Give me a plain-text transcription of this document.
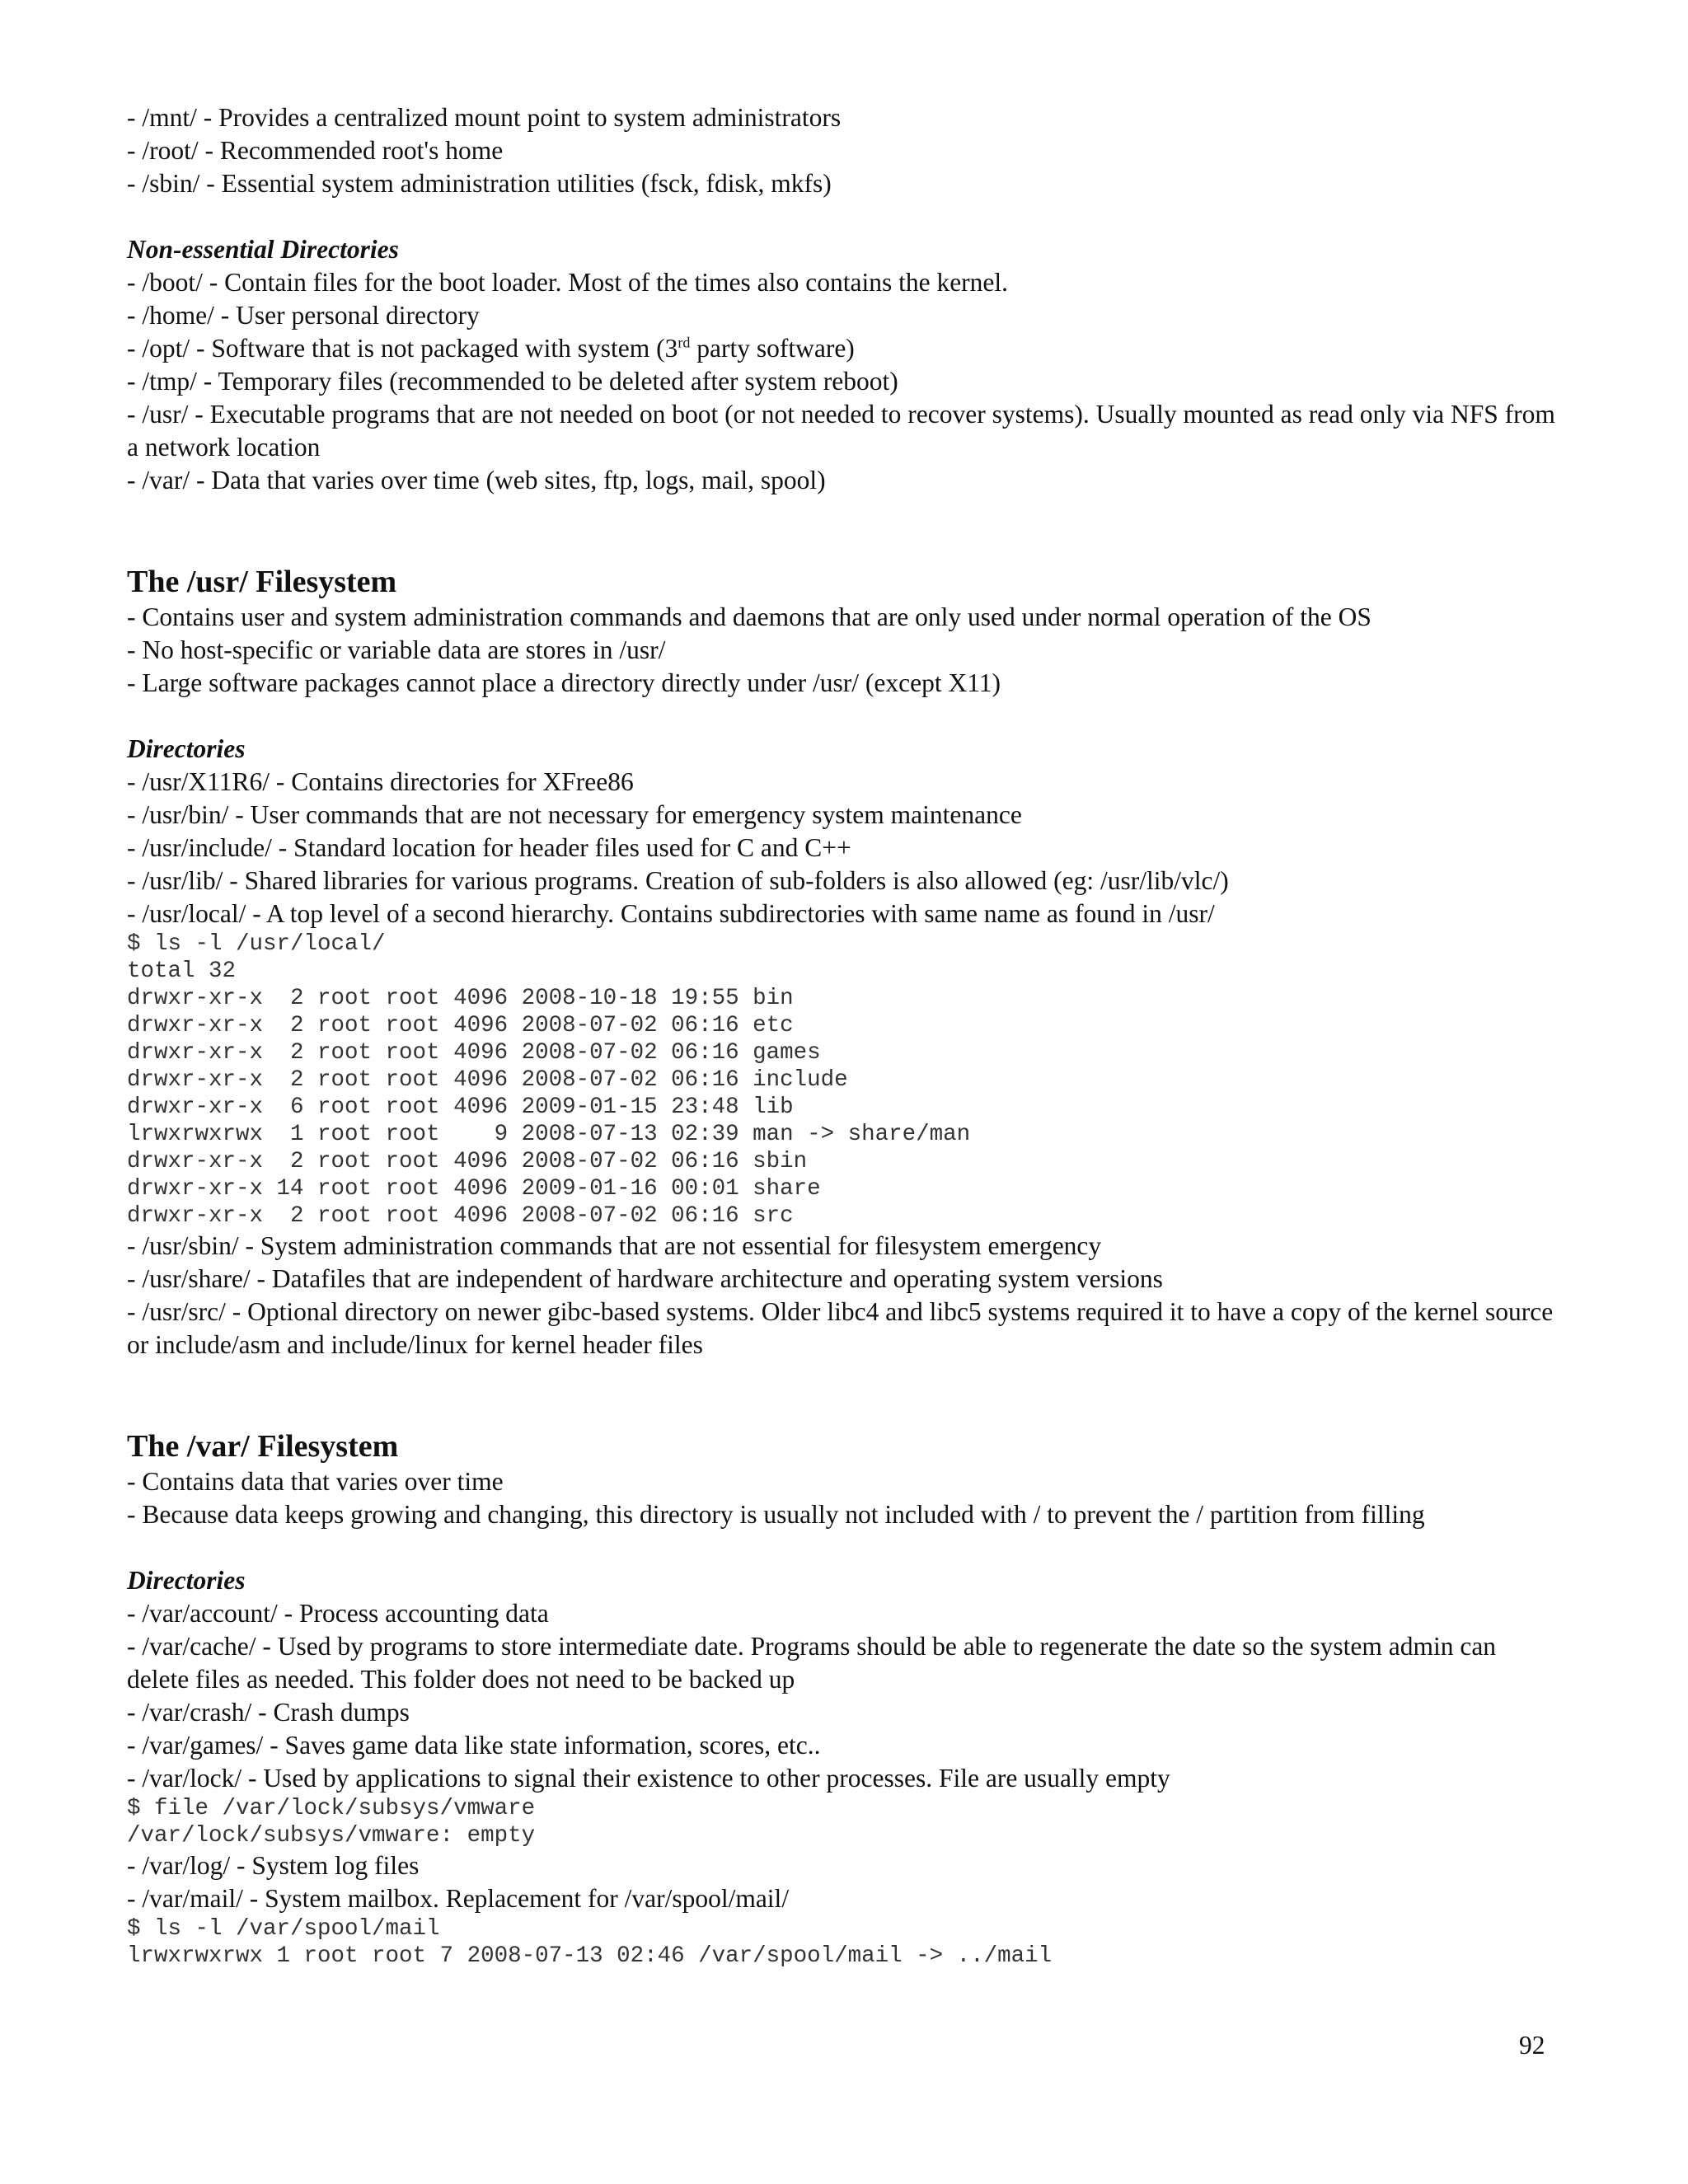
- /mnt/ - Provides a centralized mount point to system administrators
- /root/ - Recommended root's home
- /sbin/ - Essential system administration utilities (fsck, fdisk, mkfs)
Non-essential Directories
- /boot/ - Contain files for the boot loader. Most of the times also contains the kernel.
- /home/ - User personal directory
- /opt/ - Software that is not packaged with system (3rd party software)
- /tmp/ - Temporary files (recommended to be deleted after system reboot)
- /usr/ - Executable programs that are not needed on boot (or not needed to recover systems). Usually mounted as read only via NFS from a network location
- /var/ - Data that varies over time (web sites, ftp, logs, mail, spool)
The /usr/ Filesystem
- Contains user and system administration commands and daemons that are only used under normal operation of the OS
- No host-specific or variable data are stores in /usr/
- Large software packages cannot place a directory directly under /usr/ (except X11)
Directories
- /usr/X11R6/ - Contains directories for XFree86
- /usr/bin/ - User commands that are not necessary for emergency system maintenance
- /usr/include/ - Standard location for header files used for C and C++
- /usr/lib/ - Shared libraries for various programs. Creation of sub-folders is also allowed (eg: /usr/lib/vlc/)
- /usr/local/ - A top level of a second hierarchy. Contains subdirectories with same name as found in /usr/
$ ls -l /usr/local/
total 32
drwxr-xr-x  2 root root 4096 2008-10-18 19:55 bin
drwxr-xr-x  2 root root 4096 2008-07-02 06:16 etc
drwxr-xr-x  2 root root 4096 2008-07-02 06:16 games
drwxr-xr-x  2 root root 4096 2008-07-02 06:16 include
drwxr-xr-x  6 root root 4096 2009-01-15 23:48 lib
lrwxrwxrwx  1 root root    9 2008-07-13 02:39 man -> share/man
drwxr-xr-x  2 root root 4096 2008-07-02 06:16 sbin
drwxr-xr-x 14 root root 4096 2009-01-16 00:01 share
drwxr-xr-x  2 root root 4096 2008-07-02 06:16 src
- /usr/sbin/ - System administration commands that are not essential for filesystem emergency
- /usr/share/ - Datafiles that are independent of hardware architecture and operating system versions
- /usr/src/ - Optional directory on newer gibc-based systems. Older libc4 and libc5 systems required it to have a copy of the kernel source or include/asm and include/linux for kernel header files
The /var/ Filesystem
- Contains data that varies over time
- Because data keeps growing and changing, this directory is usually not included with / to prevent the / partition from filling
Directories
- /var/account/ - Process accounting data
- /var/cache/ - Used by programs to store intermediate date. Programs should be able to regenerate the date so the system admin can delete files as needed. This folder does not need to be backed up
- /var/crash/ - Crash dumps
- /var/games/ - Saves game data like state information, scores, etc..
- /var/lock/ - Used by applications to signal their existence to other processes. File are usually empty
$ file /var/lock/subsys/vmware
/var/lock/subsys/vmware: empty
- /var/log/ - System log files
- /var/mail/ - System mailbox. Replacement for /var/spool/mail/
$ ls -l /var/spool/mail
lrwxrwxrwx 1 root root 7 2008-07-13 02:46 /var/spool/mail -> ../mail
92
